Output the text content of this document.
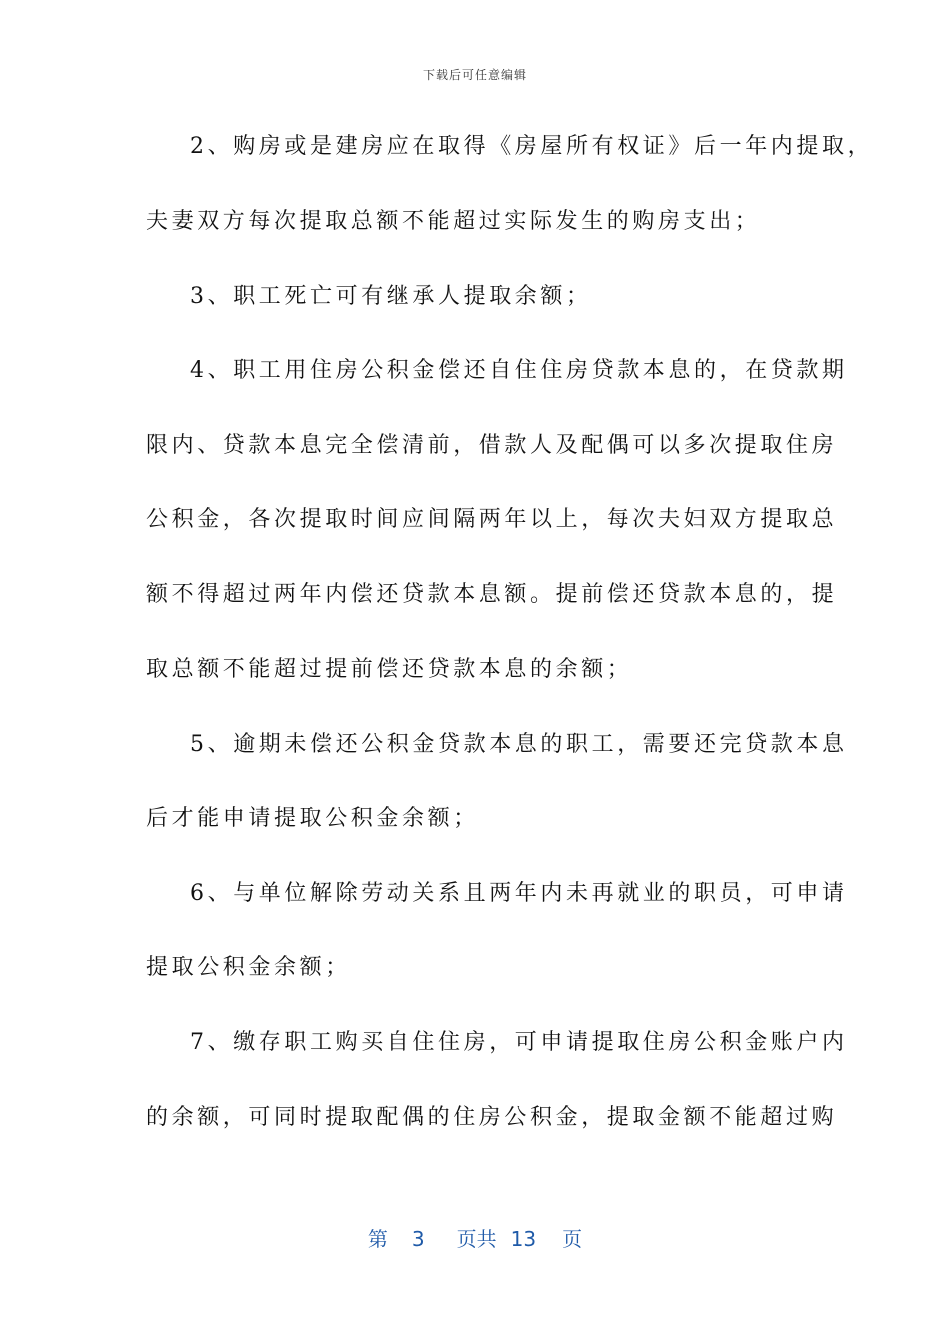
下载后可任意编辑
2、购房或是建房应在取得《房屋所有权证》后一年内提取，
夫妻双方每次提取总额不能超过实际发生的购房支出；
3、职工死亡可有继承人提取余额；
4、职工用住房公积金偿还自住住房贷款本息的，在贷款期
限内、贷款本息完全偿清前，借款人及配偶可以多次提取住房
公积金，各次提取时间应间隔两年以上，每次夫妇双方提取总
额不得超过两年内偿还贷款本息额。提前偿还贷款本息的，提
取总额不能超过提前偿还贷款本息的余额；
5、逾期未偿还公积金贷款本息的职工，需要还完贷款本息
后才能申请提取公积金余额；
6、与单位解除劳动关系且两年内未再就业的职员，可申请
提取公积金余额；
7、缴存职工购买自住住房，可申请提取住房公积金账户内
的余额，可同时提取配偶的住房公积金，提取金额不能超过购
第 3 页共 13 页
